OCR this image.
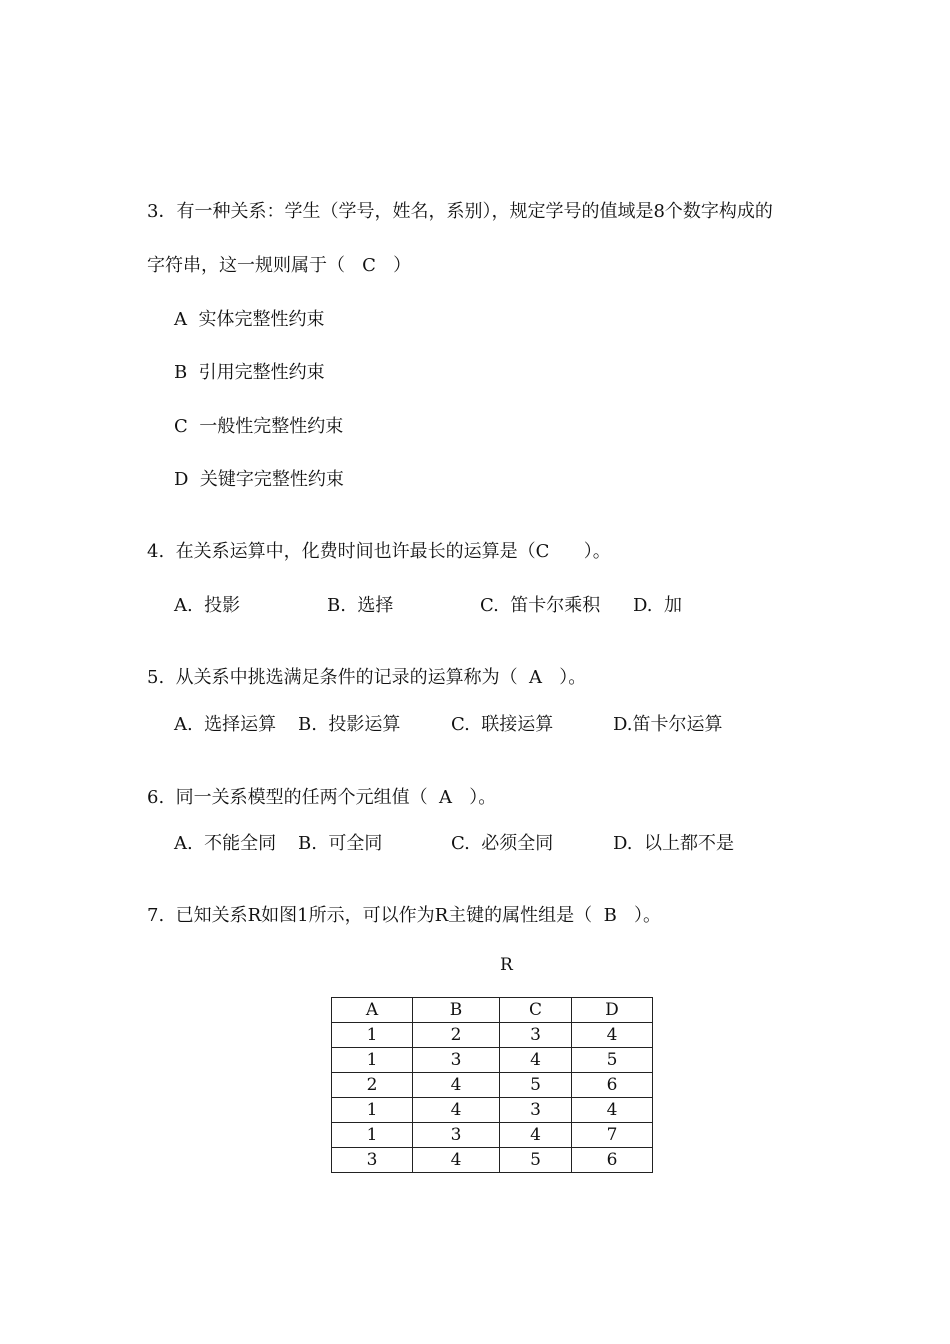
3．有一种关系：学生（学号，姓名，系别），规定学号的值域是8个数字构成的
字符串，这一规则属于（   C   ）
A  实体完整性约束
B  引用完整性约束
C  一般性完整性约束
D  关键字完整性约束
4.  在关系运算中，化费时间也许最长的运算是（C      ）。
A.  投影	B.  选择	C.  笛卡尔乘积 D.  加
5.  从关系中挑选满足条件的记录的运算称为（  A   ）。
A.  选择运算 B.  投影运算	C.  联接运算	D.笛卡尔运算
6.  同一关系模型的任两个元组值（  A   ）。
A.  不能全同 B.  可全同	C.  必须全同	D.  以上都不是
7.  已知关系R如图1所示，可以作为R主键的属性组是（  B   ）。
R
A	B	C	D
1	2	3	4
1	3	4	5
2	4	5	6
1	4	3	4
1	3	4	7
3	4	5	6
